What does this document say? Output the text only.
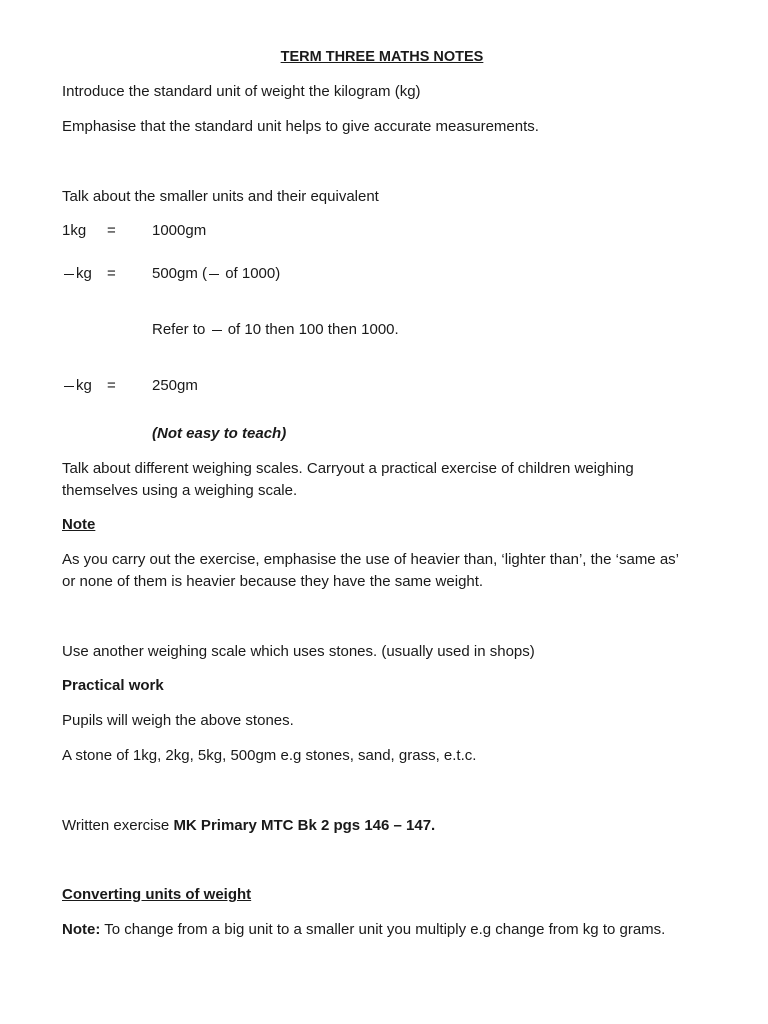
TERM THREE MATHS NOTES
Introduce the standard unit of weight the kilogram (kg)
Emphasise that the standard unit helps to give accurate measurements.
Talk about the smaller units and their equivalent
1kg = 1000gm
kg = 500gm ( of 1000)
Refer to  of 10 then 100 then 1000.
kg = 250gm
(Not easy to teach)
Talk about different weighing scales. Carryout a practical exercise of children weighing themselves using a weighing scale.
Note
As you carry out the exercise, emphasise the use of heavier than, ‘lighter than’, the ‘same as’ or none of them is heavier because they have the same weight.
Use another weighing scale which uses stones. (usually used in shops)
Practical work
Pupils will weigh the above stones.
A stone of 1kg, 2kg, 5kg, 500gm e.g stones, sand, grass, e.t.c.
Written exercise MK Primary MTC Bk 2 pgs 146 – 147.
Converting units of weight
Note: To change from a big unit to a smaller unit you multiply e.g change from kg to grams.
